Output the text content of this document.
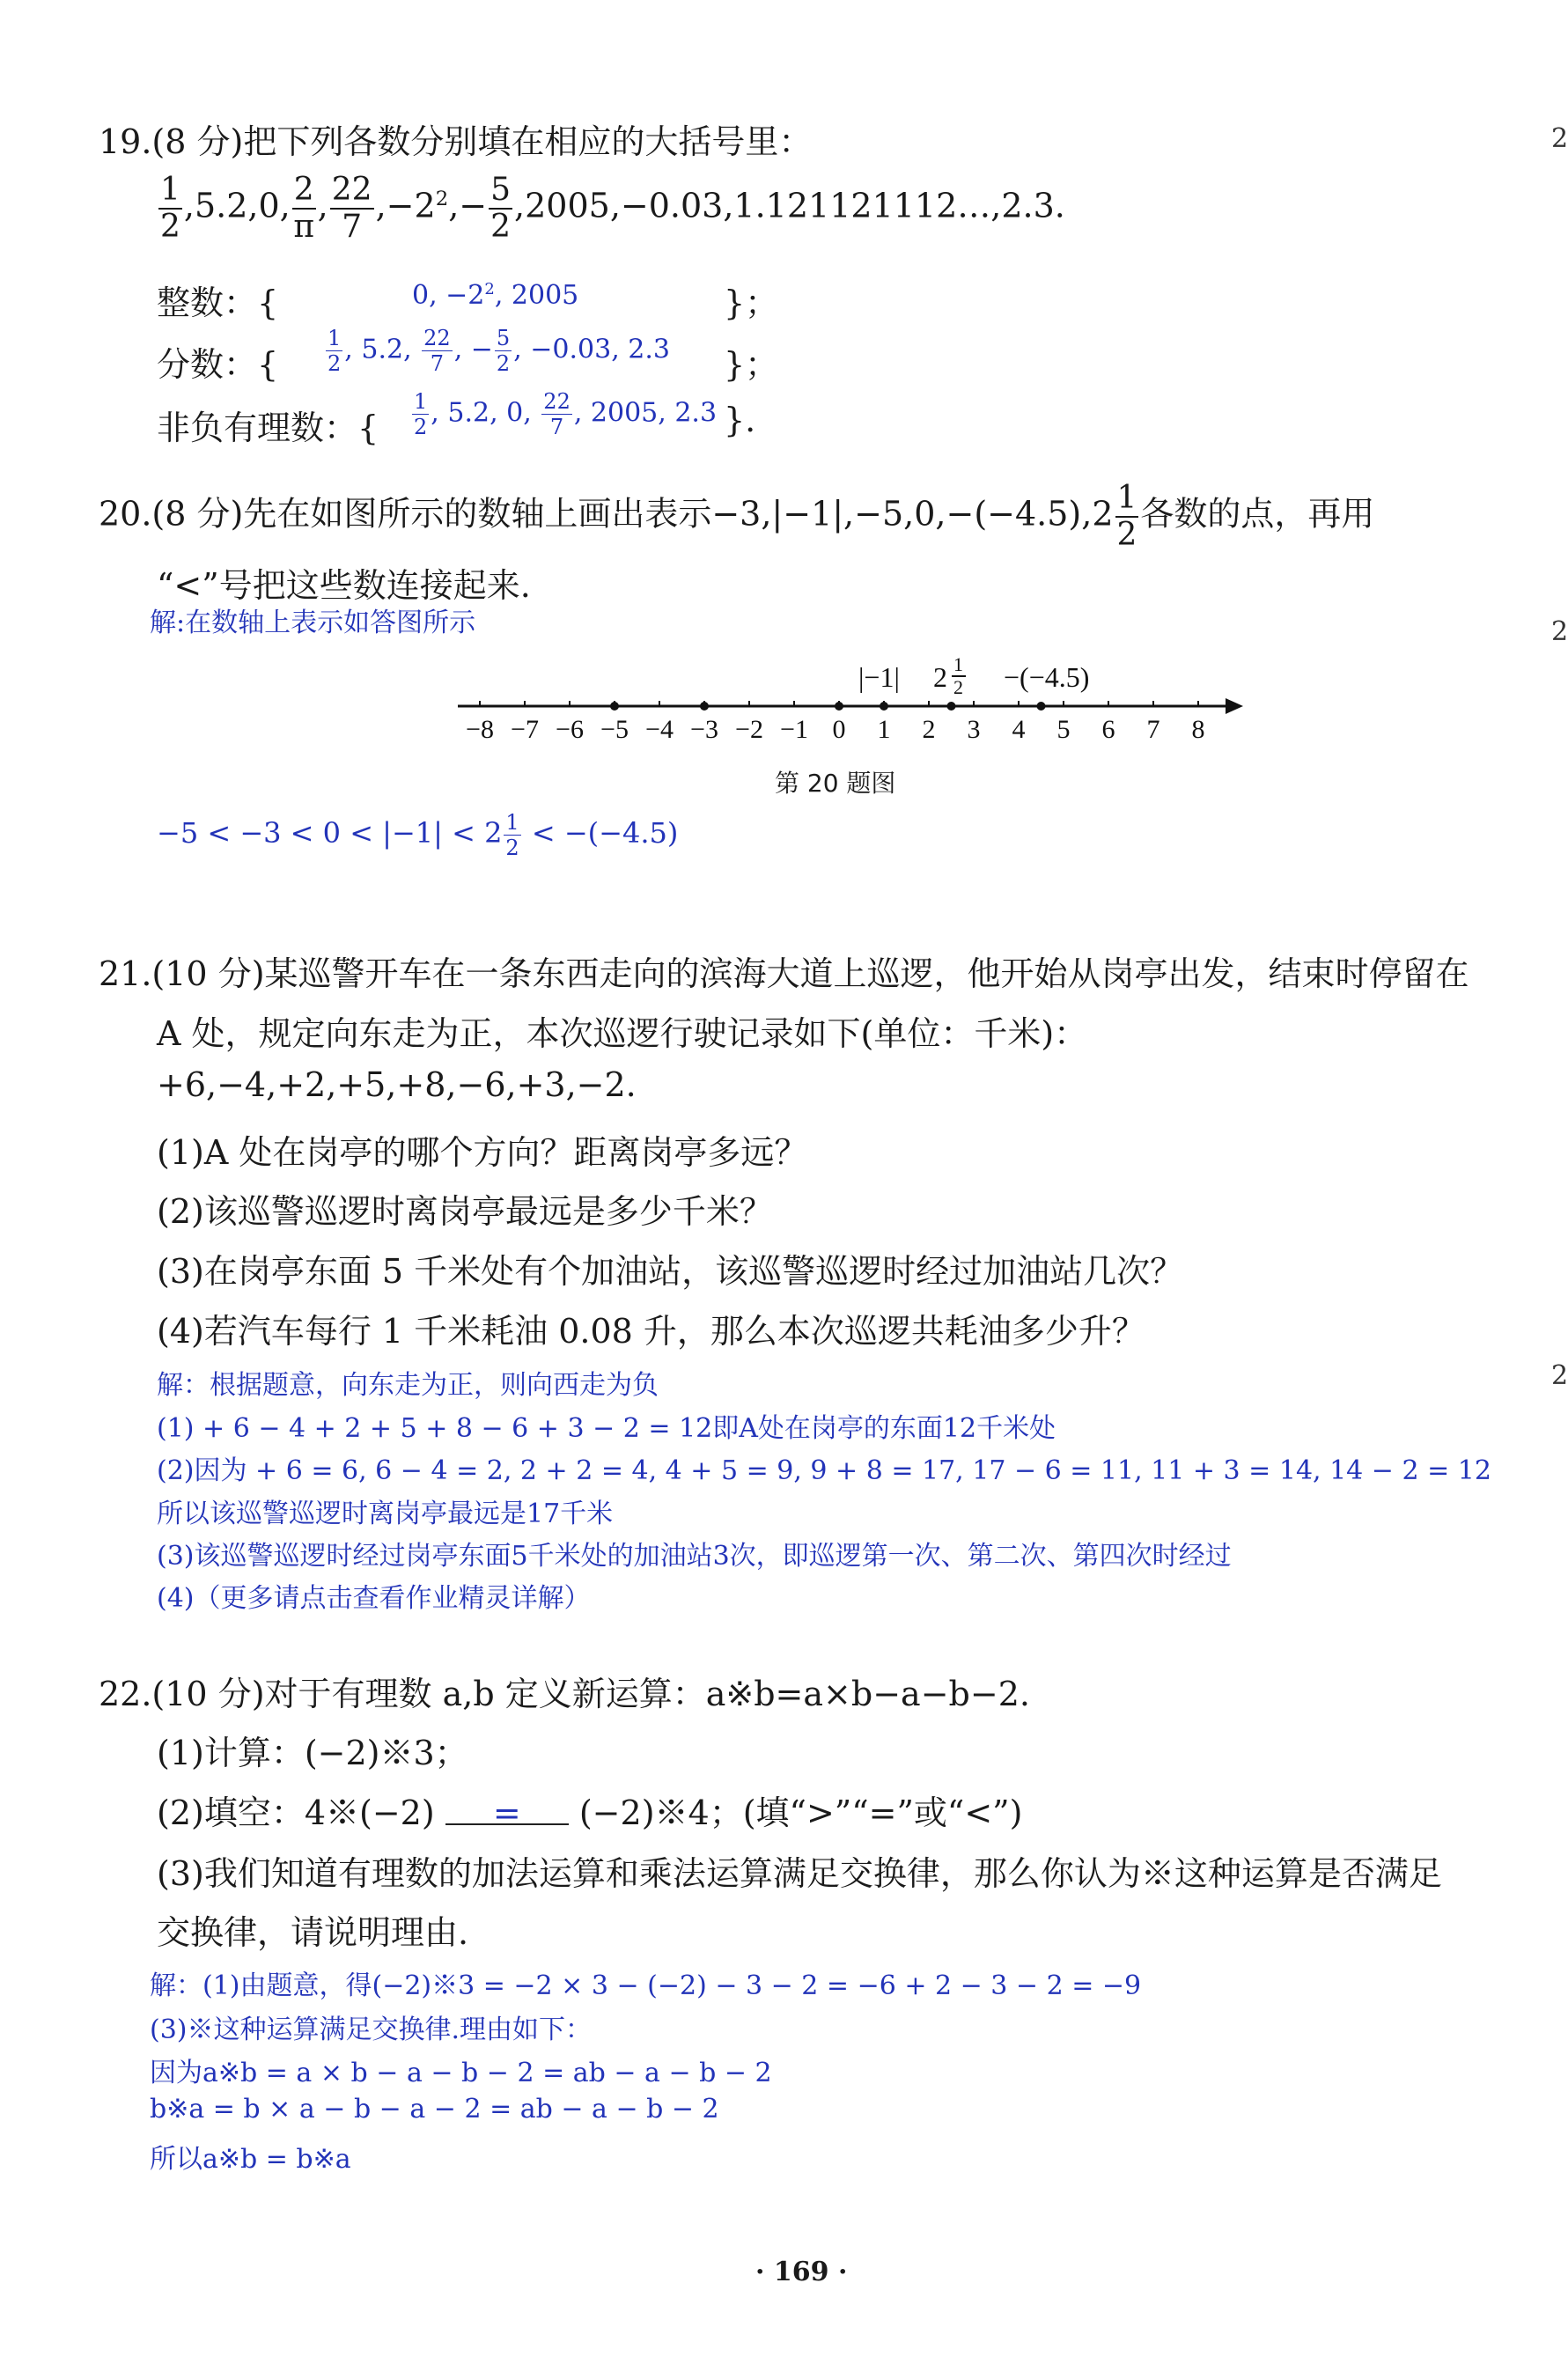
2
2
2
19.(8 分)把下列各数分别填在相应的大括号里：
$\frac{1}{2} ,5.2,0$, $\frac{2}{\pi}$ , $\frac{22}{7} ,-2^2,- \frac{5}{2}$ ,2005,−0.03,1.121121112…,2.3.
整数：{	0, $-2^2$, 2005	}；
分数：{ $\frac{1}{2}$ , 5.2, $\frac{22}{7}$ , − $\frac{5}{2}$ , −0.03, 2.3 }；
非负有理数：{ $\frac{1}{2}$ , 5.2, 0, $\frac{22}{7}$ , 2005, 2.3 }.
20.(8 分)先在如图所示的数轴上画出表示$-3,|-1|,-5,0,-(-4.5),2 \frac{1}{2}$ 各数的点，再用
“<”号把这些数连接起来.
解:在数轴上表示如答图所示
−8 −7 −6 −5 −4 −3 −2 −1 0 1 2 3 4 5 6 7 8
|−1| 2 1
2 −(−4.5)
第 20 题图
$-5 < -3 < 0 < |-1| < 2 \frac{1}{2} < -(-4.5)$
21.(10 分)某巡警开车在一条东西走向的滨海大道上巡逻，他开始从岗亭出发，结束时停留在
A 处，规定向东走为正，本次巡逻行驶记录如下(单位：千米)：
+6,−4,+2,+5,+8,−6,+3,−2.
(1)A 处在岗亭的哪个方向？距离岗亭多远？
(2)该巡警巡逻时离岗亭最远是多少千米？
(3)在岗亭东面 5 千米处有个加油站，该巡警巡逻时经过加油站几次？
(4)若汽车每行 1 千米耗油 0.08 升，那么本次巡逻共耗油多少升？
解：根据题意，向东走为正，则向西走为负
(1) + 6 − 4 + 2 + 5 + 8 − 6 + 3 − 2 = 12即A处在岗亭的东面12千米处
(2)因为 + 6 = 6, 6 − 4 = 2, 2 + 2 = 4, 4 + 5 = 9, 9 + 8 = 17, 17 − 6 = 11, 11 + 3 = 14, 14 − 2 = 12
所以该巡警巡逻时离岗亭最远是17千米
(3)该巡警巡逻时经过岗亭东面5千米处的加油站3次，即巡逻第一次、第二次、第四次时经过
(4)（更多请点击查看作业精灵详解）
22.(10 分)对于有理数 a,b 定义新运算：a※b=a×b−a−b−2.
(1)计算：(−2)※3；
(2)填空：4※(−2) = (−2)※4；(填“>”“=”或“<”)
(3)我们知道有理数的加法运算和乘法运算满足交换律，那么你认为※这种运算是否满足
交换律，请说明理由.
解：(1)由题意，得(−2)※3 = −2 × 3 − (−2) − 3 − 2 = −6 + 2 − 3 − 2 = −9
(3)※这种运算满足交换律.理由如下：
因为a※b = a × b − a − b − 2 = ab − a − b − 2
b※a = b × a − b − a − 2 = ab − a − b − 2
所以a※b = b※a
· 169 ·
